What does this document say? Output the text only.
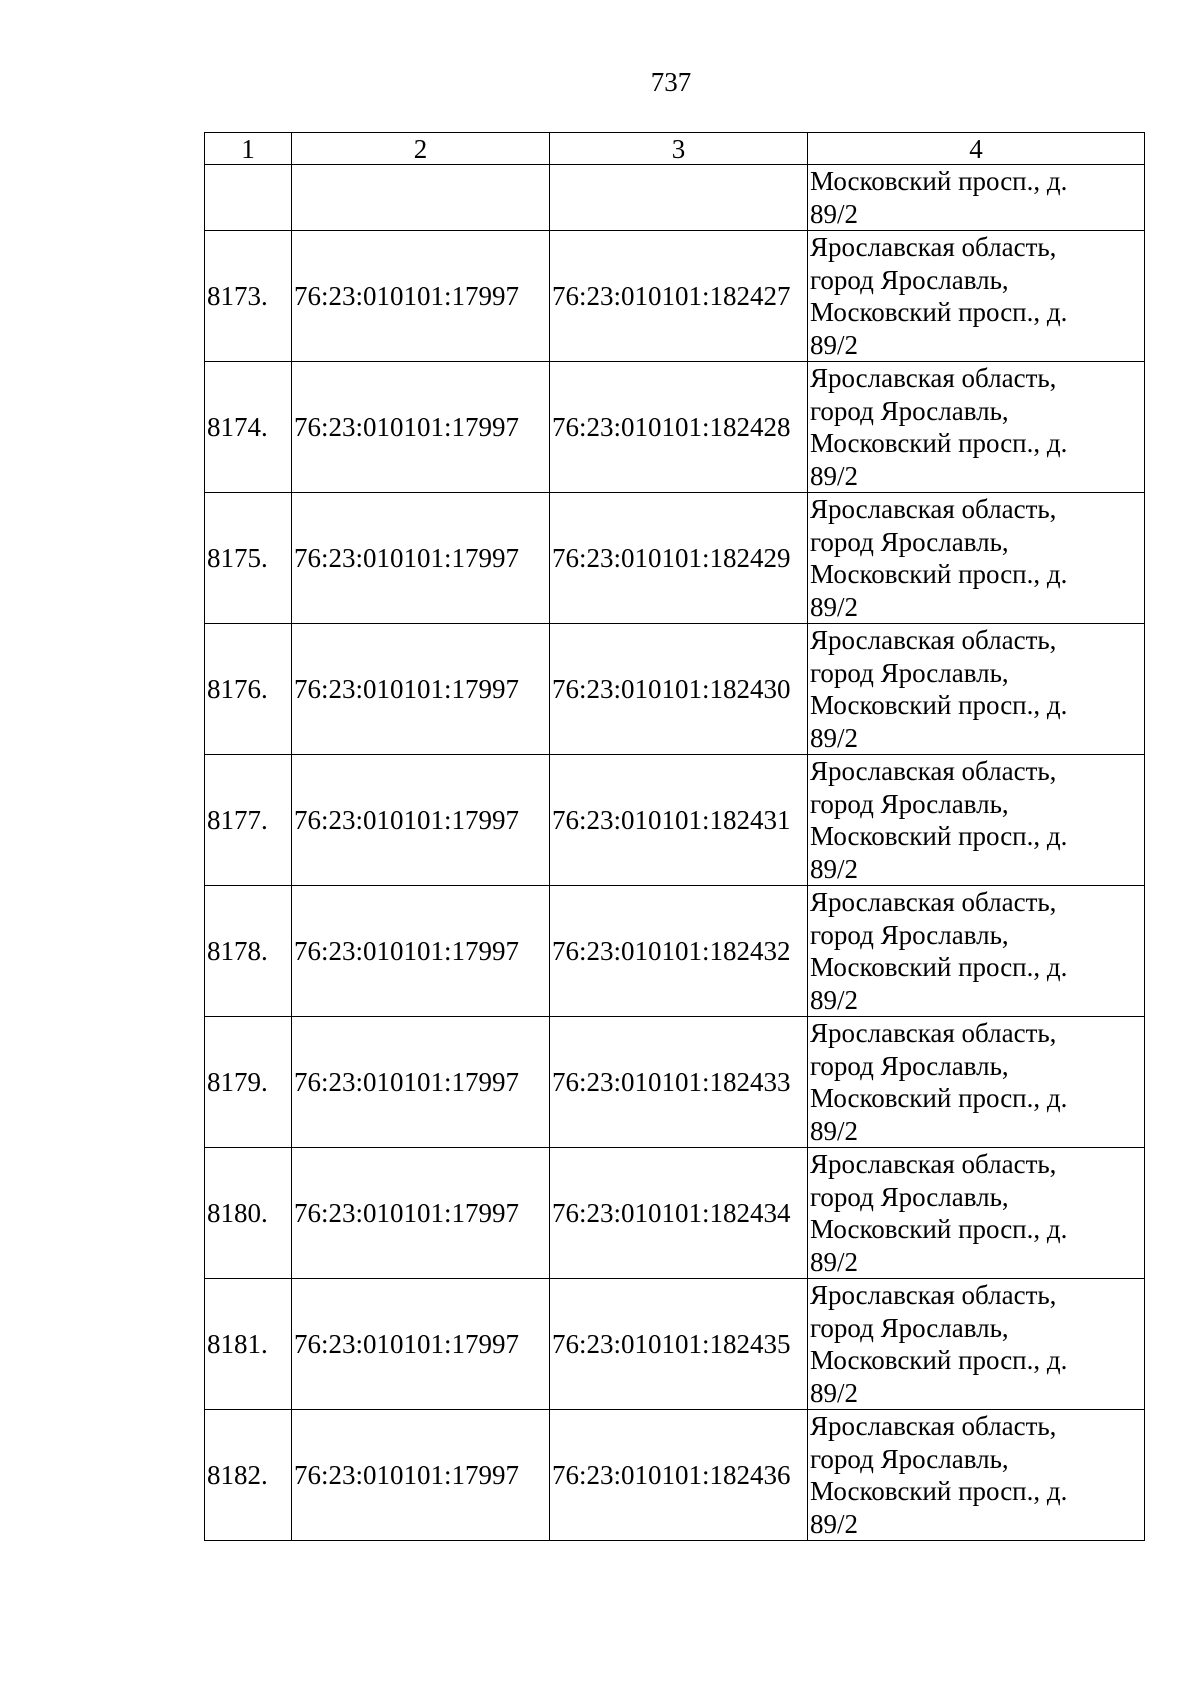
737
1	2	3	4

			Московский просп., д.
89/2

8173.	76:23:010101:17997	76:23:010101:182427	Ярославская область,
город Ярославль,
Московский просп., д.
89/2

8174.	76:23:010101:17997	76:23:010101:182428	Ярославская область,
город Ярославль,
Московский просп., д.
89/2

8175.	76:23:010101:17997	76:23:010101:182429	Ярославская область,
город Ярославль,
Московский просп., д.
89/2

8176.	76:23:010101:17997	76:23:010101:182430	Ярославская область,
город Ярославль,
Московский просп., д.
89/2

8177.	76:23:010101:17997	76:23:010101:182431	Ярославская область,
город Ярославль,
Московский просп., д.
89/2

8178.	76:23:010101:17997	76:23:010101:182432	Ярославская область,
город Ярославль,
Московский просп., д.
89/2

8179.	76:23:010101:17997	76:23:010101:182433	Ярославская область,
город Ярославль,
Московский просп., д.
89/2

8180.	76:23:010101:17997	76:23:010101:182434	Ярославская область,
город Ярославль,
Московский просп., д.
89/2

8181.	76:23:010101:17997	76:23:010101:182435	Ярославская область,
город Ярославль,
Московский просп., д.
89/2

8182.	76:23:010101:17997	76:23:010101:182436	Ярославская область,
город Ярославль,
Московский просп., д.
89/2
